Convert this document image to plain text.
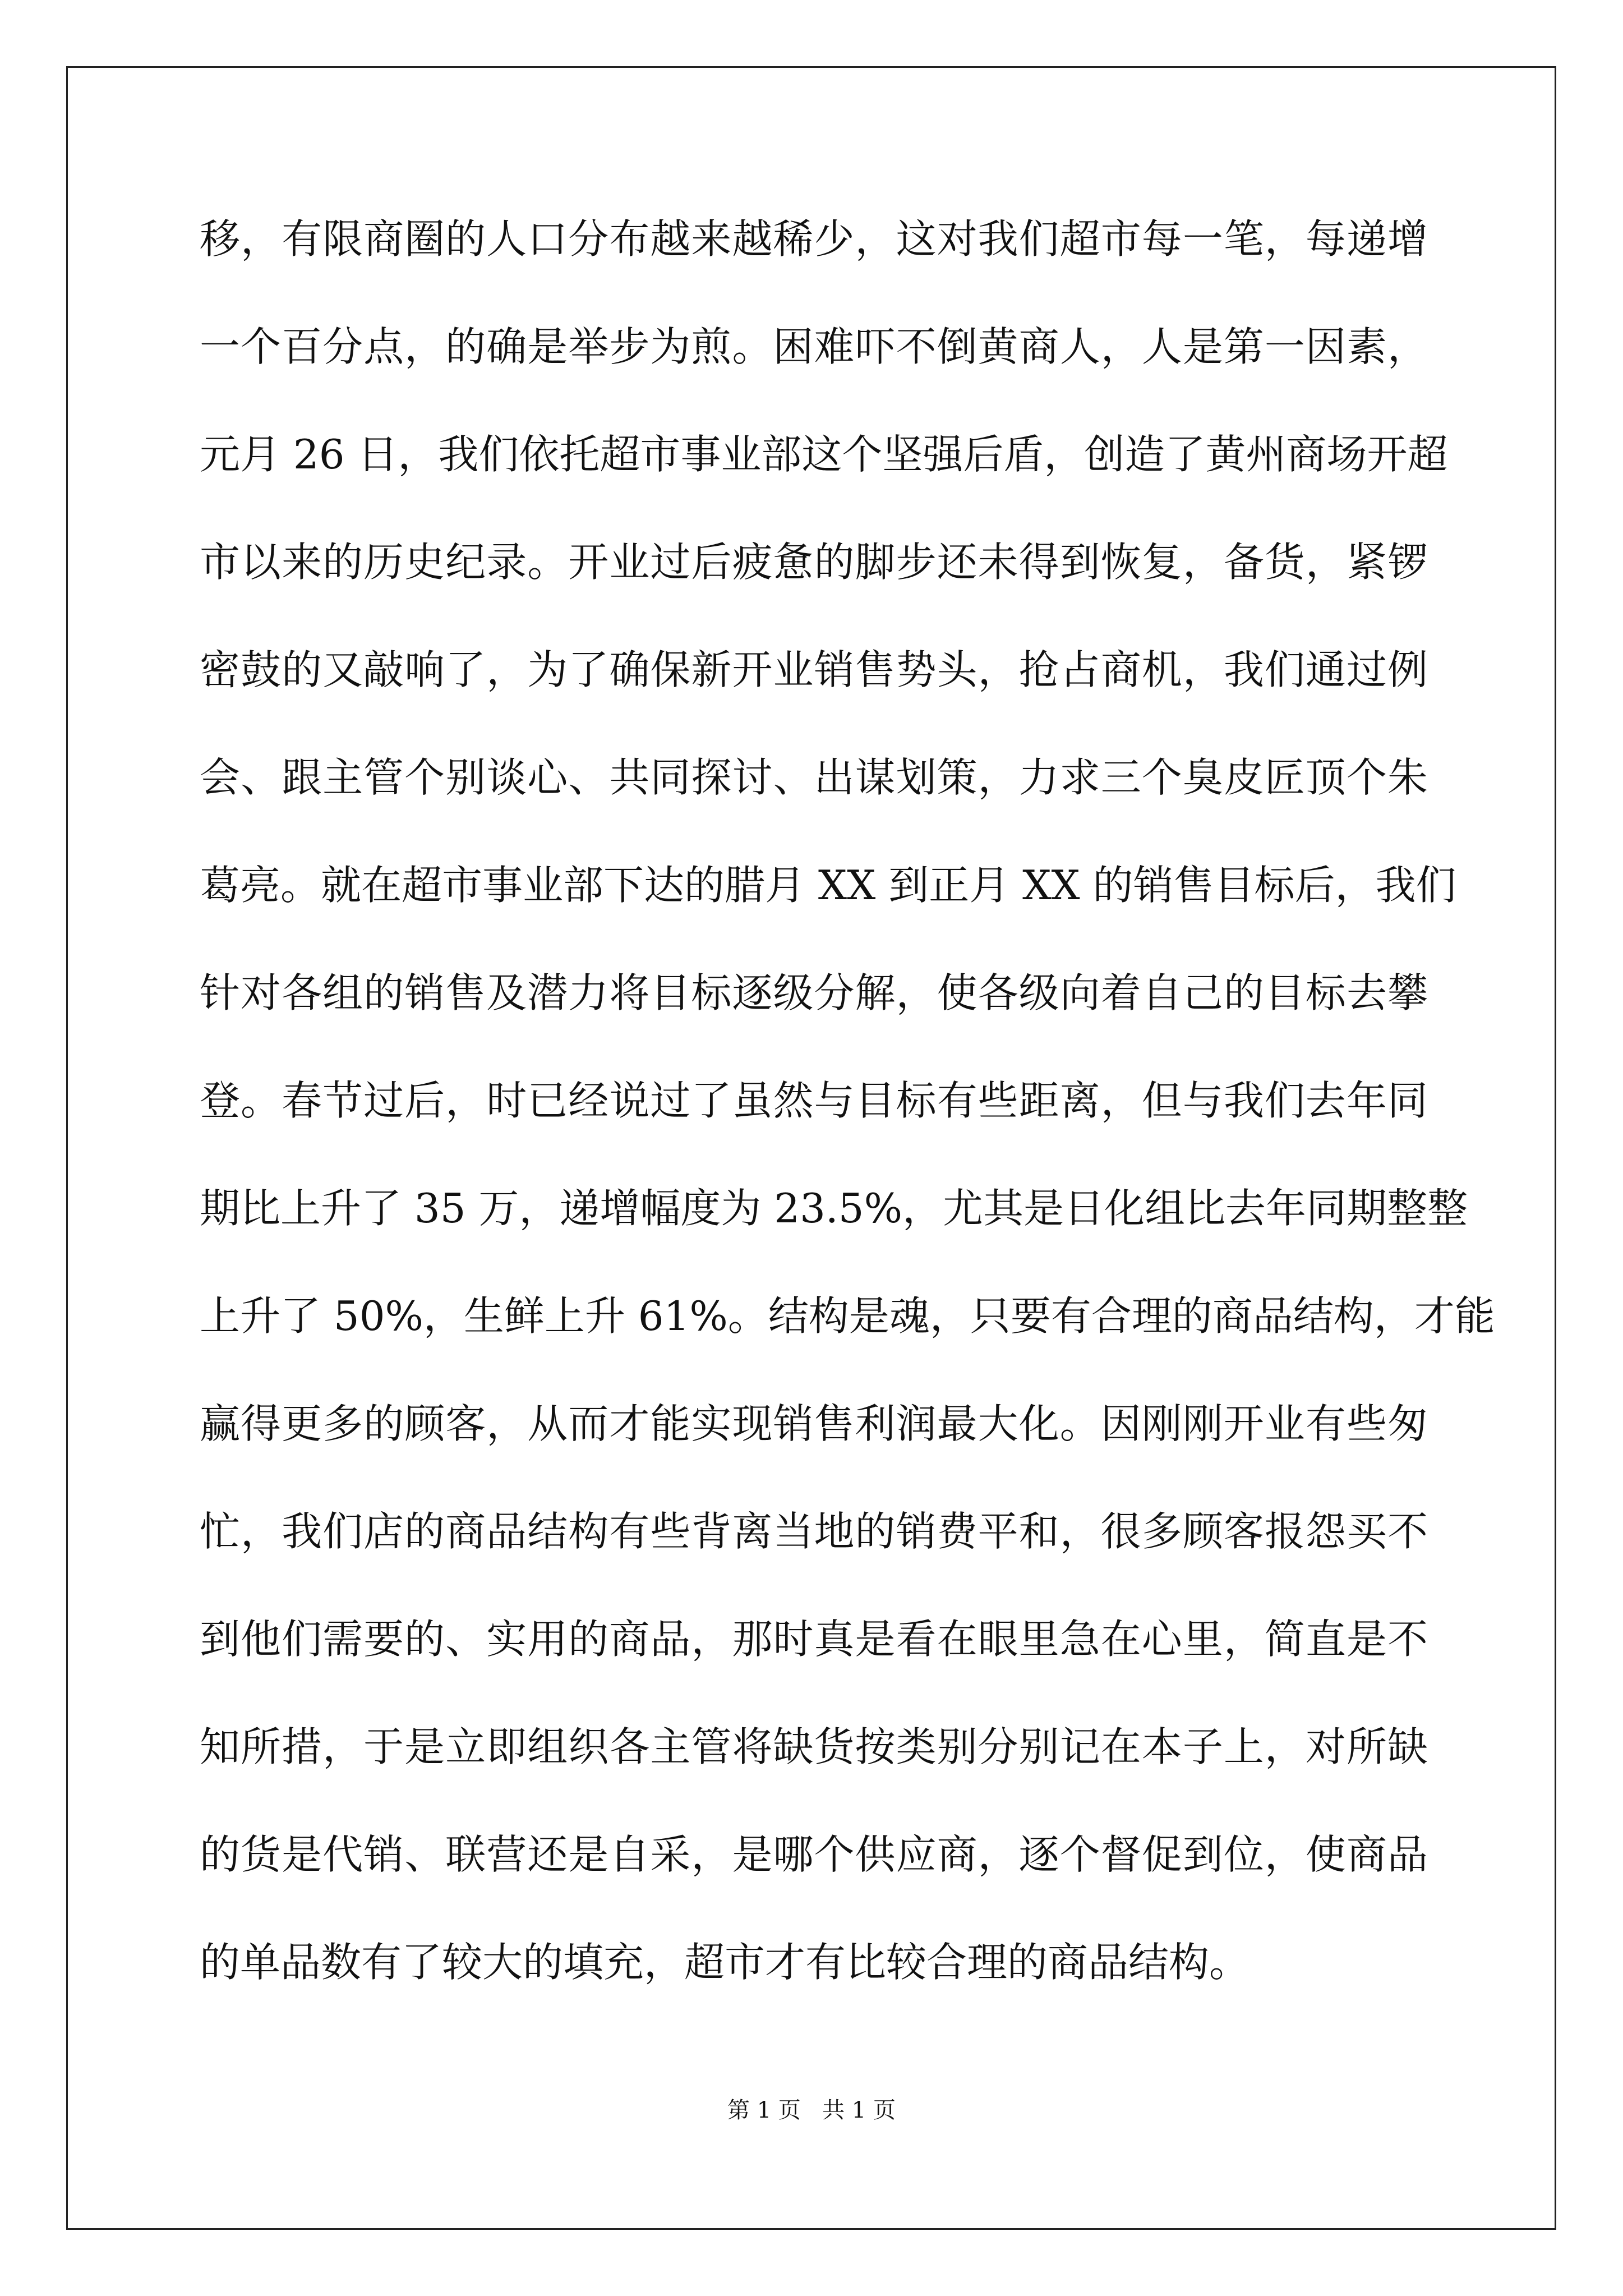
移，有限商圈的人口分布越来越稀少，这对我们超市每一笔，每递增
一个百分点，的确是举步为煎。困难吓不倒黄商人，人是第一因素，
元月 26 日，我们依托超市事业部这个坚强后盾，创造了黄州商场开超
市以来的历史纪录。开业过后疲惫的脚步还未得到恢复，备货，紧锣
密鼓的又敲响了，为了确保新开业销售势头，抢占商机，我们通过例
会、跟主管个别谈心、共同探讨、出谋划策，力求三个臭皮匠顶个朱
葛亮。就在超市事业部下达的腊月 XX 到正月 XX 的销售目标后，我们
针对各组的销售及潜力将目标逐级分解，使各级向着自己的目标去攀
登。春节过后，时已经说过了虽然与目标有些距离，但与我们去年同
期比上升了 35 万，递增幅度为 23.5%，尤其是日化组比去年同期整整
上升了 50%，生鲜上升 61%。结构是魂，只要有合理的商品结构，才能
赢得更多的顾客，从而才能实现销售利润最大化。因刚刚开业有些匆
忙，我们店的商品结构有些背离当地的销费平和，很多顾客报怨买不
到他们需要的、实用的商品，那时真是看在眼里急在心里，简直是不
知所措，于是立即组织各主管将缺货按类别分别记在本子上，对所缺
的货是代销、联营还是自采，是哪个供应商，逐个督促到位，使商品
的单品数有了较大的填充，超市才有比较合理的商品结构。
第 1 页   共 1 页
